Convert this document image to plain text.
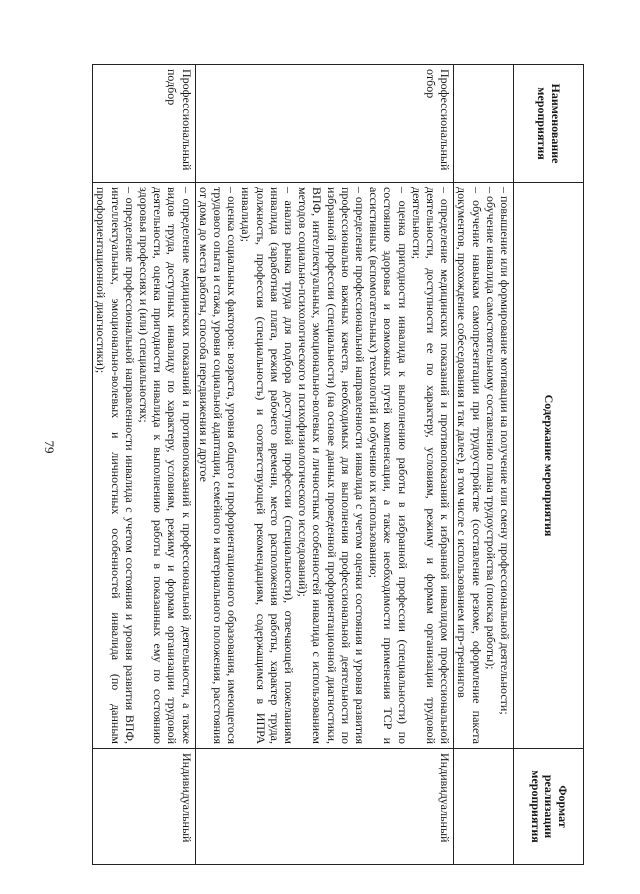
79
Наименование мероприятия	Содержание мероприятия	Формат реализации мероприятия

	– повышение или формирование мотивации на получение или смену профессиональной деятельности;
– обучение инвалида самостоятельному составлению плана трудоустройства (поиска работы);
– обучение навыкам самопрезентации при трудоустройстве (составление резюме, оформление пакета документов, прохождение собеседования и так далее), в том числе с использованием игр-тренингов

Профессиональный отбор	– определение медицинских показаний и противопоказаний к избранной инвалидом профессиональной деятельности, доступности ее по характеру, условиям, режиму и формам организации трудовой деятельности;
– оценка пригодности инвалида к выполнению работы в избранной профессии (специальности) по состоянию здоровья и возможных путей компенсации, а также необходимости применения ТСР и ассистивных (вспомогательных) технологий и обучению их использованию;
– определение профессиональной направленности инвалида с учетом оценки состояния и уровня развития профессионально важных качеств, необходимых для выполнения профессиональной деятельности по избранной профессии (специальности) (на основе данных проведенной профориентационной диагностики, ВПФ, интеллектуальных, эмоционально-волевых и личностных особенностей инвалида с использованием методов социально-психологического и психофизиологического исследований);
– анализ рынка труда для подбора доступной профессии (специальности), отвечающей пожеланиям инвалида (заработная плата, режим рабочего времени, место расположения работы, характер труда, должность, профессия (специальность) и соответствующей рекомендациям, содержащимся в ИПРА инвалида);
– оценка социальных факторов: возраста, уровня общего и профориентационного образования, имеющегося трудового опыта и стажа, уровня социальной адаптации, семейного и материального положения, расстояния от дома до места работы, способа передвижения и другое	Индивидуальный
Профессиональный подбор	– определение медицинских показаний и противопоказаний к профессиональной деятельности, а также видов труда, доступных инвалиду по характеру, условиям, режиму и формам организации трудовой деятельности, оценка пригодности инвалида к выполнению работы в показанных ему по состоянию здоровья профессиях и (или) специальностях;
– определение профессиональной направленности инвалида с учетом состояния и уровня развития ВПФ, интеллектуальных, эмоционально-волевых и личностных особенностей инвалида (по данным профориентационной диагностики);	Индивидуальный
